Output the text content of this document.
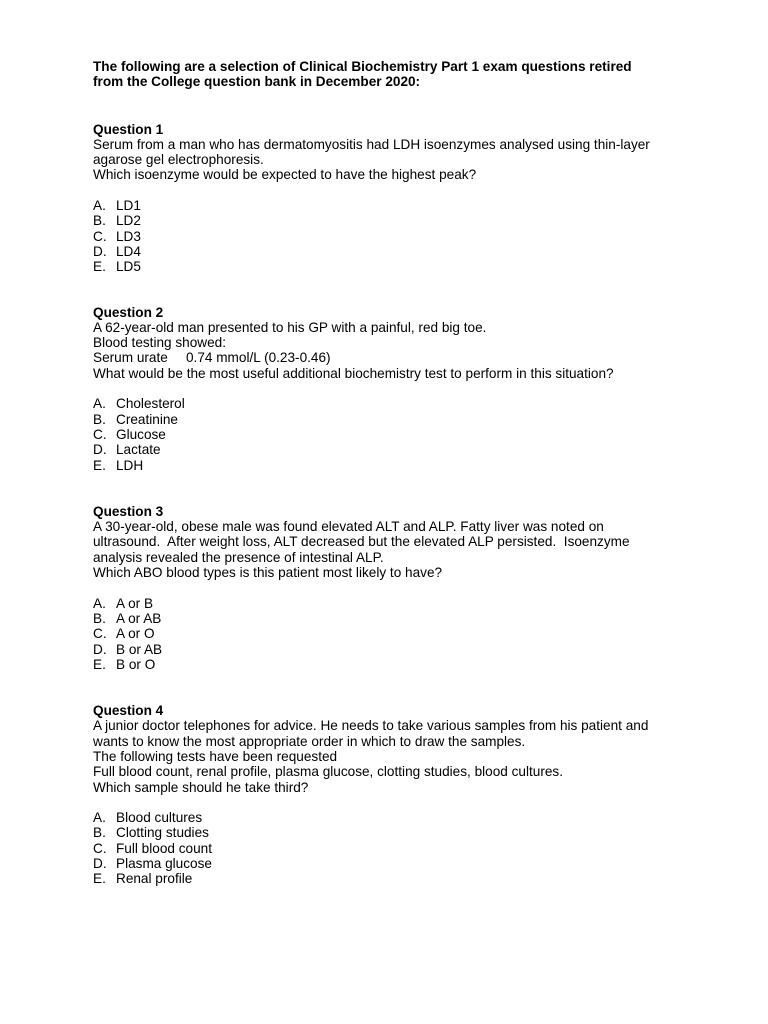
The following are a selection of Clinical Biochemistry Part 1 exam questions retired
from the College question bank in December 2020:
Question 1
Serum from a man who has dermatomyositis had LDH isoenzymes analysed using thin-layer
agarose gel electrophoresis.
Which isoenzyme would be expected to have the highest peak?
A. LD1
B. LD2
C. LD3
D. LD4
E. LD5
Question 2
A 62-year-old man presented to his GP with a painful, red big toe.
Blood testing showed:
Serum urate 0.74 mmol/L (0.23-0.46)
What would be the most useful additional biochemistry test to perform in this situation?
A. Cholesterol
B. Creatinine
C. Glucose
D. Lactate
E. LDH
Question 3
A 30-year-old, obese male was found elevated ALT and ALP. Fatty liver was noted on
ultrasound.  After weight loss, ALT decreased but the elevated ALP persisted.  Isoenzyme
analysis revealed the presence of intestinal ALP.
Which ABO blood types is this patient most likely to have?
A. A or B
B. A or AB
C. A or O
D. B or AB
E. B or O
Question 4
A junior doctor telephones for advice. He needs to take various samples from his patient and
wants to know the most appropriate order in which to draw the samples.
The following tests have been requested
Full blood count, renal profile, plasma glucose, clotting studies, blood cultures.
Which sample should he take third?
A. Blood cultures
B. Clotting studies
C. Full blood count
D. Plasma glucose
E. Renal profile
